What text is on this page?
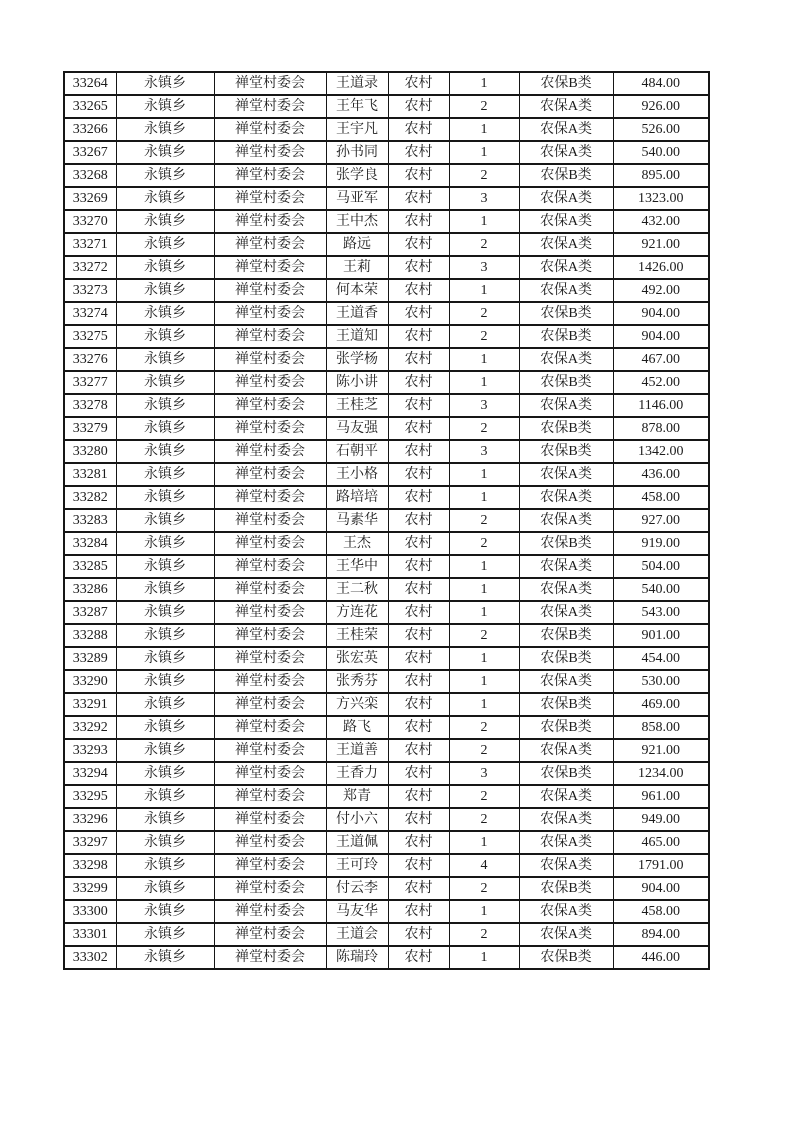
33264	永镇乡	禅堂村委会	王道录	农村	1	农保B类	484.00
33265	永镇乡	禅堂村委会	王年飞	农村	2	农保A类	926.00
33266	永镇乡	禅堂村委会	王宇凡	农村	1	农保A类	526.00
33267	永镇乡	禅堂村委会	孙书同	农村	1	农保A类	540.00
33268	永镇乡	禅堂村委会	张学良	农村	2	农保B类	895.00
33269	永镇乡	禅堂村委会	马亚军	农村	3	农保A类	1323.00
33270	永镇乡	禅堂村委会	王中杰	农村	1	农保A类	432.00
33271	永镇乡	禅堂村委会	路远	农村	2	农保A类	921.00
33272	永镇乡	禅堂村委会	王莉	农村	3	农保A类	1426.00
33273	永镇乡	禅堂村委会	何本荣	农村	1	农保A类	492.00
33274	永镇乡	禅堂村委会	王道香	农村	2	农保B类	904.00
33275	永镇乡	禅堂村委会	王道知	农村	2	农保B类	904.00
33276	永镇乡	禅堂村委会	张学杨	农村	1	农保A类	467.00
33277	永镇乡	禅堂村委会	陈小讲	农村	1	农保B类	452.00
33278	永镇乡	禅堂村委会	王桂芝	农村	3	农保A类	1146.00
33279	永镇乡	禅堂村委会	马友强	农村	2	农保B类	878.00
33280	永镇乡	禅堂村委会	石朝平	农村	3	农保B类	1342.00
33281	永镇乡	禅堂村委会	王小格	农村	1	农保A类	436.00
33282	永镇乡	禅堂村委会	路培培	农村	1	农保A类	458.00
33283	永镇乡	禅堂村委会	马素华	农村	2	农保A类	927.00
33284	永镇乡	禅堂村委会	王杰	农村	2	农保B类	919.00
33285	永镇乡	禅堂村委会	王华中	农村	1	农保A类	504.00
33286	永镇乡	禅堂村委会	王二秋	农村	1	农保A类	540.00
33287	永镇乡	禅堂村委会	方连花	农村	1	农保A类	543.00
33288	永镇乡	禅堂村委会	王桂荣	农村	2	农保B类	901.00
33289	永镇乡	禅堂村委会	张宏英	农村	1	农保B类	454.00
33290	永镇乡	禅堂村委会	张秀芬	农村	1	农保A类	530.00
33291	永镇乡	禅堂村委会	方兴栾	农村	1	农保B类	469.00
33292	永镇乡	禅堂村委会	路飞	农村	2	农保B类	858.00
33293	永镇乡	禅堂村委会	王道善	农村	2	农保A类	921.00
33294	永镇乡	禅堂村委会	王香力	农村	3	农保B类	1234.00
33295	永镇乡	禅堂村委会	郑青	农村	2	农保A类	961.00
33296	永镇乡	禅堂村委会	付小六	农村	2	农保A类	949.00
33297	永镇乡	禅堂村委会	王道佩	农村	1	农保A类	465.00
33298	永镇乡	禅堂村委会	王可玲	农村	4	农保A类	1791.00
33299	永镇乡	禅堂村委会	付云李	农村	2	农保B类	904.00
33300	永镇乡	禅堂村委会	马友华	农村	1	农保A类	458.00
33301	永镇乡	禅堂村委会	王道会	农村	2	农保A类	894.00
33302	永镇乡	禅堂村委会	陈瑞玲	农村	1	农保B类	446.00
